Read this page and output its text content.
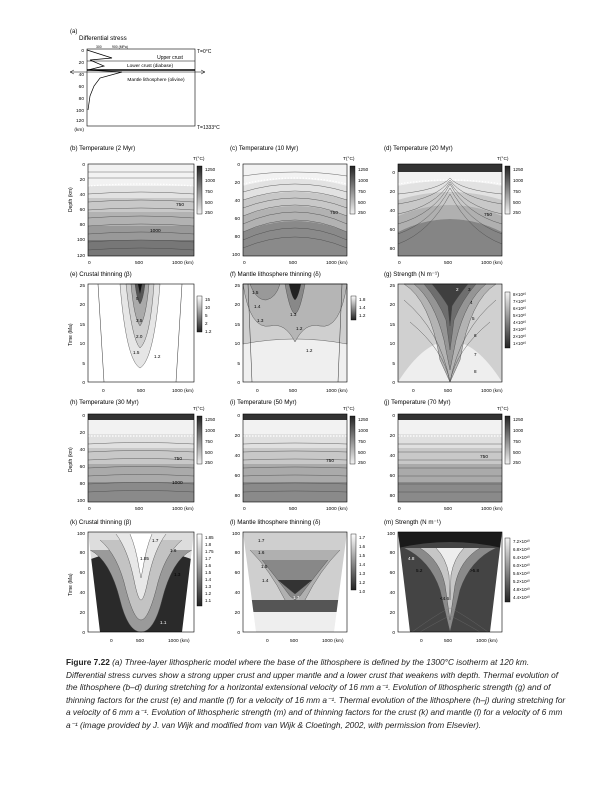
(a)
Differential stress
300	900 (MPa)
Upper crust
Lower crust (diabase)
Mantle lithosphere (olivine)
T=0°C
T=1333°C
0
20
40
60
80
100
120
(km)
(b) Temperature (2 Myr)	(c) Temperature (10 Myr)	(d) Temperature (20 Myr)
750
1000
750	750
T(°C)	T(°C)	T(°C)
1250
1000
750
500
250
1250
1000
750
500
250
1250
1000
750
500
250
Depth (km)
0
20
40
60
80
100
120
0
20
40
60
80
100
0
20
40
60
80
0	500	1000 (km)	0	500	1000 (km)	0	500	1000 (km)
(e) Crustal thinning (β)	(f) Mantle lithosphere thinning (δ)	(g) Strength (N m⁻¹)
5
3.5
2.0
1.5
1.2
15
10
5
2
1.2
1.5
1.4
1.3
1.3
1.2
1.2
1.8
1.4
1.2
2 3
4
5
6
7
8
8×10¹⁰
7×10¹⁰
6×10¹⁰
5×10¹⁰
4×10¹⁰
3×10¹⁰
2×10¹⁰
1×10¹⁰
Time (Ma)
0
5
10
15
20
25
0
5
10
15
20
25
0
5
10
15
20
25
0	500	1000 (km)	0	500	1000 (km)	0	500	1000 (km)
(h) Temperature (30 Myr)	(i) Temperature (50 Myr)	(j) Temperature (70 Myr)
750
1000
750
750
T(°C)	T(°C)	T(°C)
1250
1000
750
500
250
1250
1000
750
500
250
1250
1000
750
500
250
Depth (km)
0
20
40
60
80
100
0
20
40
60
80
0
20
40
60
80
0	500	1000 (km)	0	500	1000 (km)	0	500	1000 (km)
(k) Crustal thinning (β)	(l) Mantle lithosphere thinning (δ)	(m) Strength (N m⁻¹)
1.7
1.85
1.6
1.3
1.1
1.85
1.8
1.75
1.7
1.6
1.5
1.4
1.3
1.2
1.1
1.7
1.6
1.5
1.4
1.7
1.7
1.6
1.5
1.4
1.3
1.2
1.0
4.8
5.2	>5.8
<4.6
7.2×10¹⁰
6.8×10¹⁰
6.4×10¹⁰
6.0×10¹⁰
5.6×10¹⁰
5.2×10¹⁰
4.8×10¹⁰
4.4×10¹⁰
Time (Ma)
0
20
40
60
80
100
0
20
40
60
80
100
0
20
40
60
80
100
0	500	1000 (km)	0	500	1000 (km)	0	500	1000 (km)
Figure 7.22 (a) Three-layer lithospheric model where the base of the lithosphere is defined by the 1300°C isotherm at 120 km. Differential stress curves show a strong upper crust and upper mantle and a lower crust that weakens with depth. Thermal evolution of the lithosphere (b–d) during stretching for a horizontal extensional velocity of 16 mm a⁻¹. Evolution of lithospheric strength (g) and of thinning factors for the crust (e) and mantle (f) for a velocity of 16 mm a⁻¹. Thermal evolution of the lithosphere (h–j) during stretching for a velocity of 6 mm a⁻¹. Evolution of lithospheric strength (m) and of thinning factors for the crust (k) and mantle (l) for a velocity of 6 mm a⁻¹ (image provided by J. van Wijk and modified from van Wijk & Cloetingh, 2002, with permission from Elsevier).
